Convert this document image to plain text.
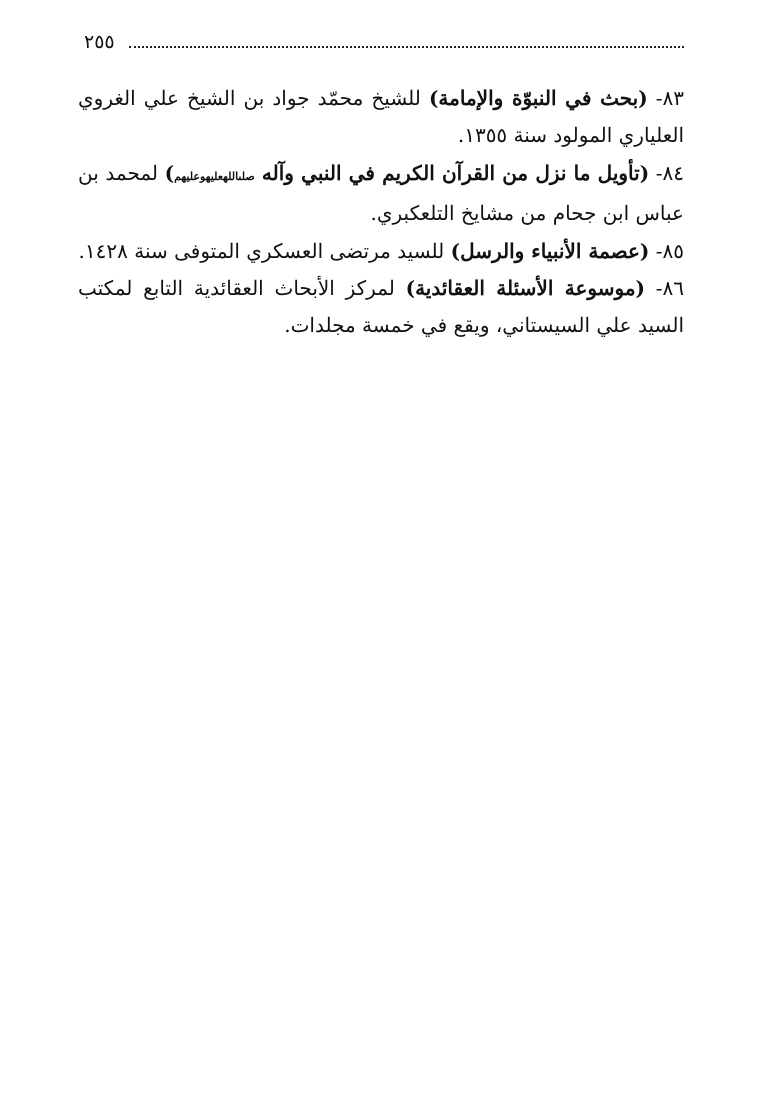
٢٥٥

٨٣- (بحث في النبوّة والإمامة) للشيخ محمّد جواد بن الشيخ علي الغروي العلياري المولود سنة ١٣٥٥.

٨٤- (تأويل ما نزل من القرآن الكريم في النبي وآله صلىاللهعليهوعليهم) لمحمد بن عباس ابن جحام من مشايخ التلعكبري.

٨٥- (عصمة الأنبياء والرسل) للسيد مرتضى العسكري المتوفى سنة ١٤٢٨.

٨٦- (موسوعة الأسئلة العقائدية) لمركز الأبحاث العقائدية التابع لمكتب السيد علي السيستاني، ويقع في خمسة مجلدات.
